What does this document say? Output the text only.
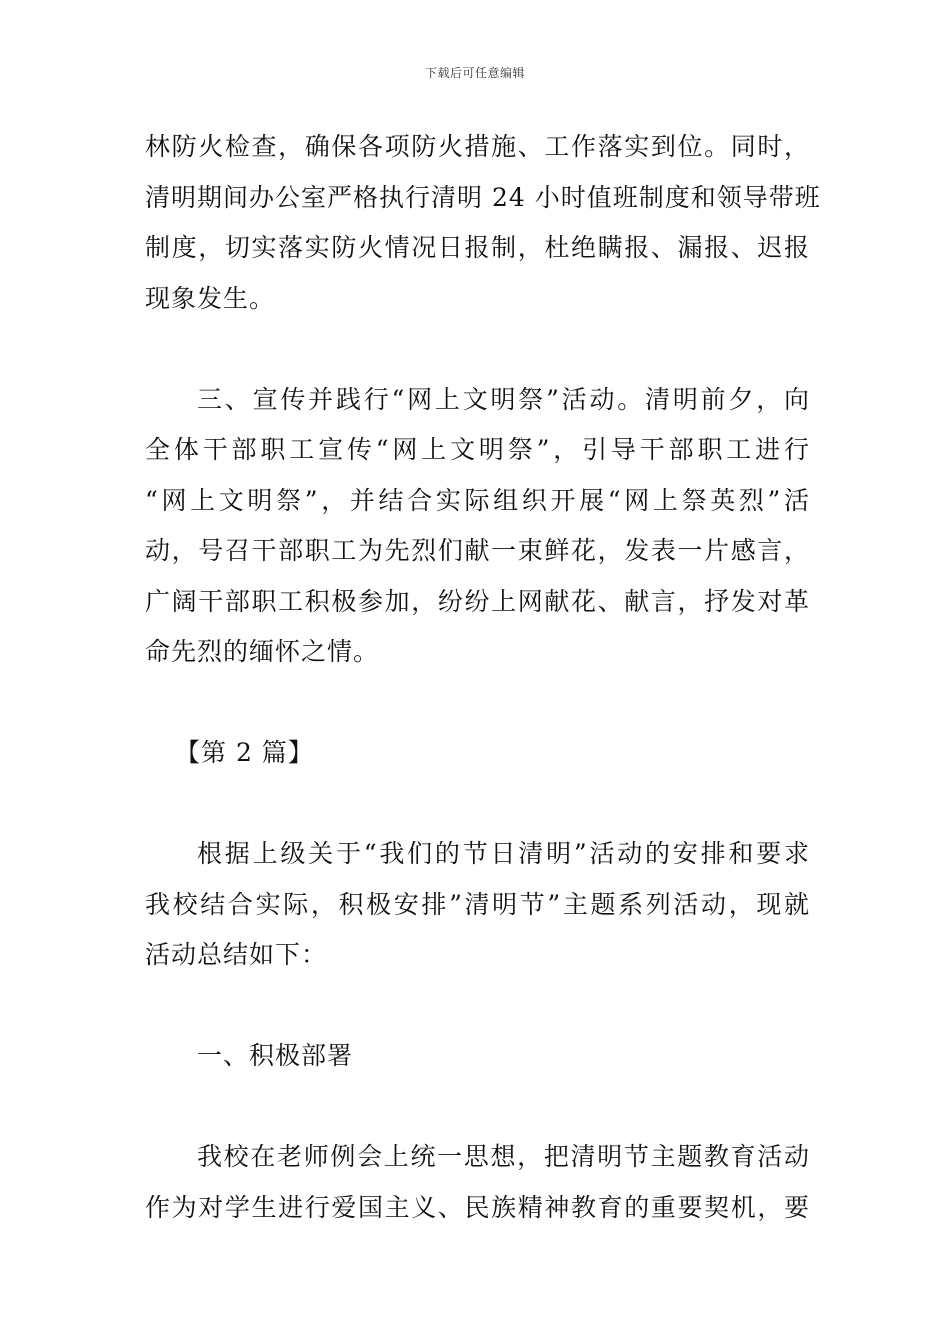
下载后可任意编辑
林防火检查，确保各项防火措施、工作落实到位。同时，
清明期间办公室严格执行清明 24 小时值班制度和领导带班
制度，切实落实防火情况日报制，杜绝瞒报、漏报、迟报
现象发生。
三、宣传并践行“网上文明祭”活动。清明前夕，向
全体干部职工宣传“网上文明祭”，引导干部职工进行
“网上文明祭”，并结合实际组织开展“网上祭英烈”活
动，号召干部职工为先烈们献一束鲜花，发表一片感言，
广阔干部职工积极参加，纷纷上网献花、献言，抒发对革
命先烈的缅怀之情。
【第 2 篇】
根据上级关于“我们的节日清明”活动的安排和要求
我校结合实际，积极安排”清明节”主题系列活动，现就
活动总结如下：
一、积极部署
我校在老师例会上统一思想，把清明节主题教育活动
作为对学生进行爱国主义、民族精神教育的重要契机，要
